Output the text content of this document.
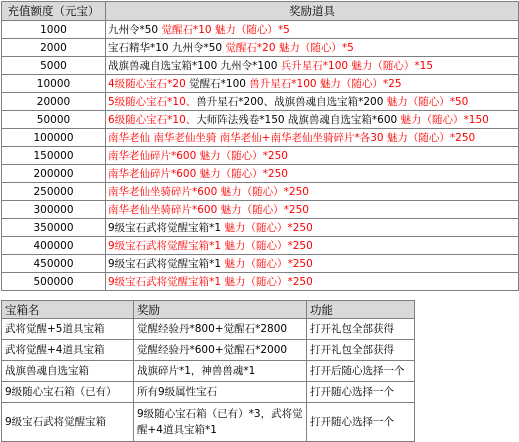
充值额度（元宝）	奖励道具
1000	九州令*50 觉醒石*10 魅力（随心）*5
2000	宝石精华*10 九州令*50 觉醒石*20 魅力（随心）*5
5000	战旗兽魂自选宝箱*100 九州令*100 兵升星石*100 魅力（随心）*15
10000	4级随心宝石*20 觉醒石*100 兽升星石*100 魅力（随心）*25
20000	5级随心宝石*10、兽升星石*200、战旗兽魂自选宝箱*200 魅力（随心）*50
50000	6级随心宝石*10、大师阵法残卷*150 战旗兽魂自选宝箱*600 魅力（随心）*150
100000	南华老仙 南华老仙坐骑 南华老仙+南华老仙坐骑碎片*各30 魅力（随心）*250
150000	南华老仙碎片*600 魅力（随心）*250
200000	南华老仙碎片*600 魅力（随心）*250
250000	南华老仙坐骑碎片*600 魅力（随心）*250
300000	南华老仙坐骑碎片*600 魅力（随心）*250
350000	9级宝石武将觉醒宝箱*1 魅力（随心）*250
400000	9级宝石武将觉醒宝箱*1 魅力（随心）*250
450000	9级宝石武将觉醒宝箱*1 魅力（随心）*250
500000	9级宝石武将觉醒宝箱*1 魅力（随心）*250
宝箱名	奖励	功能
武将觉醒+5道具宝箱	觉醒经验丹*800+觉醒石*2800	打开礼包全部获得
武将觉醒+4道具宝箱	觉醒经验丹*600+觉醒石*2000	打开礼包全部获得
战旗兽魂自选宝箱	战旗碎片*1，神兽兽魂*1	打开后随心选择一个
9级随心宝石箱（已有）	所有9级属性宝石	打开随心选择一个
9级宝石武将觉醒宝箱	9级随心宝石箱（已有）*3，武将觉醒+4道具宝箱*1	打开随心选择一个
